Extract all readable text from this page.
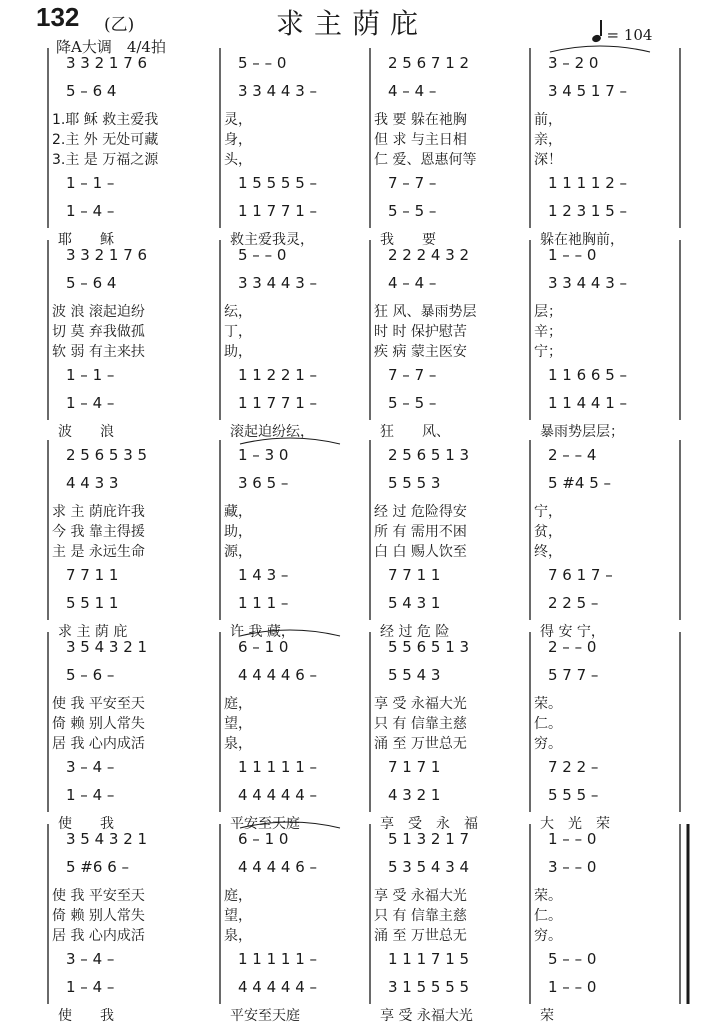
132 (乙)	求主荫庇
降A大调　4/4拍
= 104
3 3 2 1 7 6
5 – 6 4
1.耶 稣 救主爱我
2.主 外 无处可藏
3.主 是 万福之源
1 – 1 –
1 – 4 –
耶　　稣
5 – – 0
3 3 4 4 3 –
灵，
身，
头，
1 5 5 5 5 –
1 1 7 7 1 –
救主爱我灵，
2 5 6 7 1 2
4 – 4 –
我 要 躲在祂胸
但 求 与主日相
仁 爱、恩惠何等
7 – 7 –
5 – 5 –
我　　要
3 – 2 0
3 4 5 1 7 –
前，
亲，
深！
1 1 1 1 2 –
1 2 3 1 5 –
躲在祂胸前，
3 3 2 1 7 6
5 – 6 4
波 浪 滚起迫纷
切 莫 弃我做孤
软 弱 有主来扶
1 – 1 –
1 – 4 –
波　　浪
5 – – 0
3 3 4 4 3 –
纭，
丁，
助，
1 1 2 2 1 –
1 1 7 7 1 –
滚起迫纷纭，
2 2 2 4 3 2
4 – 4 –
狂 风、暴雨势层
时 时 保护慰苦
疾 病 蒙主医安
7 – 7 –
5 – 5 –
狂　　风、
1 – – 0
3 3 4 4 3 –
层；
辛；
宁；
1 1 6 6 5 –
1 1 4 4 1 –
暴雨势层层；
2 5 6 5 3 5
4 4 3 3
求 主 荫庇许我
今 我 靠主得援
主 是 永远生命
7 7 1 1
5 5 1 1
求 主 荫 庇
1 – 3 0
3 6 5 –
藏，
助，
源，
1 4 3 –
1 1 1 –
许 我 藏，
2 5 6 5 1 3
5 5 5 3
经 过 危险得安
所 有 需用不困
白 白 赐人饮至
7 7 1 1
5 4 3 1
经 过 危 险
2 – – 4
5 #4 5 –
宁，
贫，
终，
7 6 1 7 –
2 2 5 –
得 安 宁，
3 5 4 3 2 1
5 – 6 –
使 我 平安至天
倚 赖 别人常失
居 我 心内成活
3 – 4 –
1 – 4 –
使　　我
6 – 1 0
4 4 4 4 6 –
庭，
望，
泉，
1 1 1 1 1 –
4 4 4 4 4 –
平安至天庭
5 5 6 5 1 3
5 5 4 3
享 受 永福大光
只 有 信靠主慈
涌 至 万世总无
7 1 7 1
4 3 2 1
享　受　永　福
2 – – 0
5 7 7 –
荣。
仁。
穷。
7 2 2 –
5 5 5 –
大　光　荣
3 5 4 3 2 1
5 #6 6 –
使 我 平安至天
倚 赖 别人常失
居 我 心内成活
3 – 4 –
1 – 4 –
使　　我
6 – 1 0
4 4 4 4 6 –
庭，
望，
泉，
1 1 1 1 1 –
4 4 4 4 4 –
平安至天庭
5 1 3 2 1 7
5 3 5 4 3 4
享 受 永福大光
只 有 信靠主慈
涌 至 万世总无
1 1 1 7 1 5
3 1 5 5 5 5
享 受 永福大光
1 – – 0
3 – – 0
荣。
仁。
穷。
5 – – 0
1 – – 0
荣
